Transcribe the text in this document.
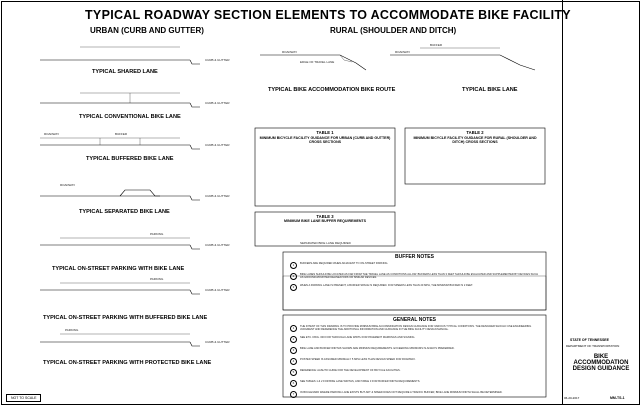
TYPICAL ROADWAY SECTION ELEMENTS TO ACCOMMODATE BIKE FACILITY
URBAN (CURB AND GUTTER)	RURAL (SHOULDER AND DITCH)
TYPICAL SHARED LANE
TYPICAL CONVENTIONAL BIKE LANE
TYPICAL BUFFERED BIKE LANE
TYPICAL SEPARATED BIKE LANE
TYPICAL ON-STREET PARKING WITH BIKE LANE
TYPICAL ON-STREET PARKING WITH BUFFERED BIKE LANE
TYPICAL ON-STREET PARKING WITH PROTECTED BIKE LANE
TYPICAL BIKE ACCOMMODATION BIKE ROUTE	TYPICAL BIKE LANE
CURB & GUTTER
CURB & GUTTER
CURB & GUTTER
CURB & GUTTER
CURB & GUTTER
CURB & GUTTER
CURB & GUTTER
ROADWAY	BUFFER
ROADWAY
PARKING
PARKING
PARKING
ROADWAY
EDGE OF TRAVEL LANE
BUFFER
ROADWAY
TABLE 1
MINIMUM BICYCLE FACILITY GUIDANCE FOR URBAN (CURB AND GUTTER) CROSS SECTIONS
TABLE 2
MINIMUM BICYCLE FACILITY GUIDANCE FOR RURAL (SHOULDER AND DITCH) CROSS SECTIONS
TABLE 3
MINIMUM BIKE LANE BUFFER REQUIREMENTS
SEPARATED BIKE LANE REQUIRED
BUFFER NOTES
1	BUFFERS ARE REQUIRED WHEN ADJACENT TO ON-STREET PARKING.
2	BIKE LANES SHOULD BE LOCATED AS FAR FROM THE TRAVEL LANE AS CONDITIONS ALLOW. BUFFERS LESS THAN 3 FEET SHOULD BE EVALUATED AND SUPPLEMENTED BY DEVICES SUCH AS GROUND-MOUNTED DELINEATORS OR SIMILAR DEVICES.
3	WHEN A PARKING LANE IS PRESENT, A BUFFER SPACE IS REQUIRED. FOR SPEEDS LESS THAN 20 MPH, THE MINIMUM BUFFER IS 2 FEET.
GENERAL NOTES
1	THE INTENT OF THIS DRAWING IS TO PROVIDE MINIMUM BIKE ACCOMMODATION DESIGN GUIDANCE FOR VARIOUS TYPICAL CONDITIONS. THE DESIGNER SHOULD USE ENGINEERING JUDGMENT AND REFERENCE THE ADDITIONAL INFORMATION AND GUIDANCE IN THE BIKE FACILITY DESIGN MANUAL.
2	SEE ETC. DWG. 000 FOR THROUGH LANE WIDTH FOR PAVEMENT MARKINGS AND SIGNING.
3	BIKE LANE AND BUFFER WIDTHS SHOWN ARE MINIMUM REQUIREMENTS. EXCEEDING MINIMUMS IS ALWAYS PREFERRED.
4	POSTED SPEED IS ASSUMED MINIMALLY 5 MPH LESS THAN DESIGN SPEED FOR ROADWAY.
5	REFERENCE: AASHTO GUIDE FOR THE DEVELOPMENT OF BICYCLE FACILITIES.
6	SEE TABLES 1 & 2 FOR BIKE LANE WIDTHS, AND TABLE 3 FOR BUFFER WIDTH REQUIREMENTS.
7	IN BOULEVARD WHERE PARKING LANE EXISTS BUT ADT & SPEED DOES NOT REQUIRE A TRAFFIC BUFFER, BIKE LANE MINIMUM WIDTH SHALL BE DETERMINED.
STATE OF TENNESSEE
DEPARTMENT OF TRANSPORTATION
BIKE ACCOMMODATION DESIGN GUIDANCE
06-20-2017	MM-TS-1
NOT TO SCALE
